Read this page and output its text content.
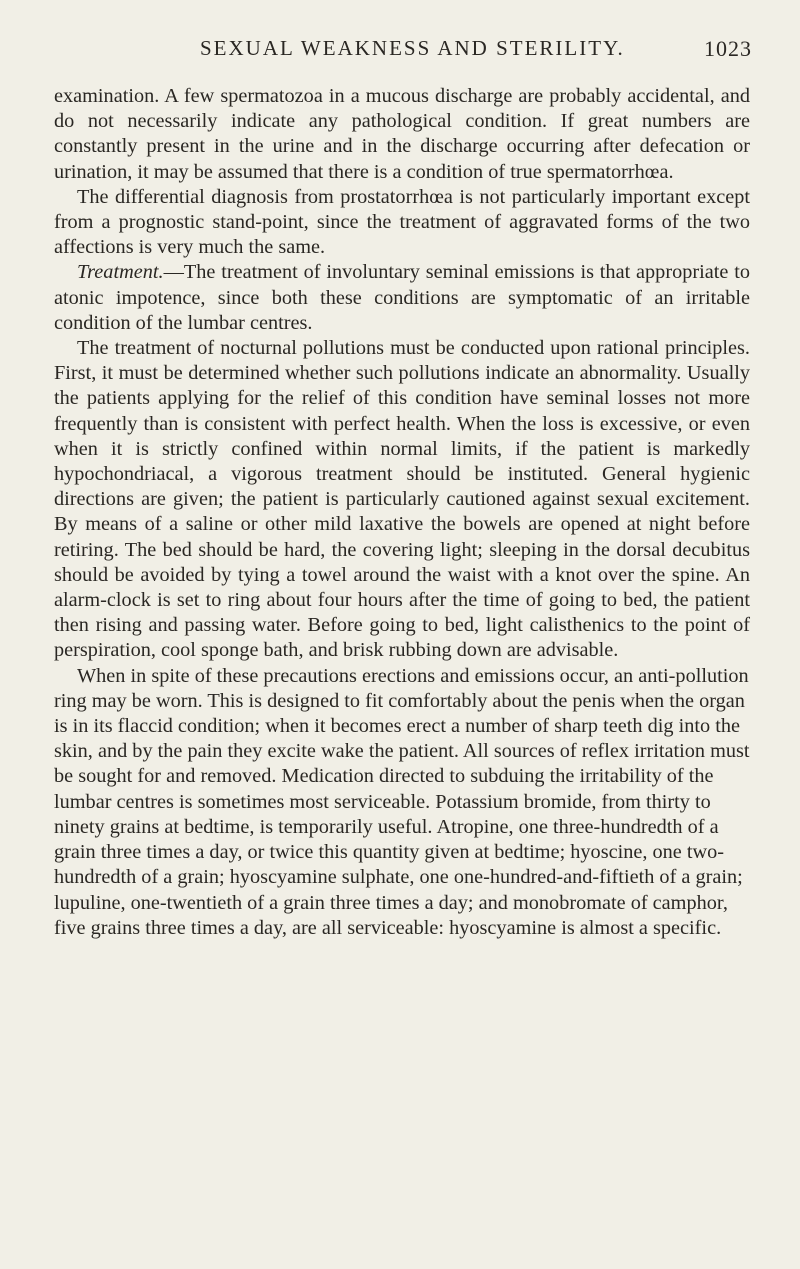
SEXUAL WEAKNESS AND STERILITY.	1023

examination. A few spermatozoa in a mucous discharge are probably accidental, and do not necessarily indicate any pathological condition. If great numbers are constantly present in the urine and in the discharge occurring after defecation or urination, it may be assumed that there is a condition of true spermatorrhœa.

The differential diagnosis from prostatorrhœa is not particularly important except from a prognostic stand-point, since the treatment of aggravated forms of the two affections is very much the same.

Treatment.—The treatment of involuntary seminal emissions is that appropriate to atonic impotence, since both these conditions are symptomatic of an irritable condition of the lumbar centres.

The treatment of nocturnal pollutions must be conducted upon rational principles. First, it must be determined whether such pollutions indicate an abnormality. Usually the patients applying for the relief of this condition have seminal losses not more frequently than is consistent with perfect health. When the loss is excessive, or even when it is strictly confined within normal limits, if the patient is markedly hypochondriacal, a vigorous treatment should be instituted. General hygienic directions are given; the patient is particularly cautioned against sexual excitement. By means of a saline or other mild laxative the bowels are opened at night before retiring. The bed should be hard, the covering light; sleeping in the dorsal decubitus should be avoided by tying a towel around the waist with a knot over the spine. An alarm-clock is set to ring about four hours after the time of going to bed, the patient then rising and passing water. Before going to bed, light calisthenics to the point of perspiration, cool sponge bath, and brisk rubbing down are advisable.

When in spite of these precautions erections and emissions occur, an anti-pollution ring may be worn. This is designed to fit comfortably about the penis when the organ is in its flaccid condition; when it becomes erect a number of sharp teeth dig into the skin, and by the pain they excite wake the patient. All sources of reflex irritation must be sought for and removed. Medication directed to subduing the irritability of the lumbar centres is sometimes most serviceable. Potassium bromide, from thirty to ninety grains at bedtime, is temporarily useful. Atropine, one three-hundredth of a grain three times a day, or twice this quantity given at bedtime; hyoscine, one two-hundredth of a grain; hyoscyamine sulphate, one one-hundred-and-fiftieth of a grain; lupuline, one-twentieth of a grain three times a day; and monobromate of camphor, five grains three times a day, are all serviceable: hyoscyamine is almost a specific.
